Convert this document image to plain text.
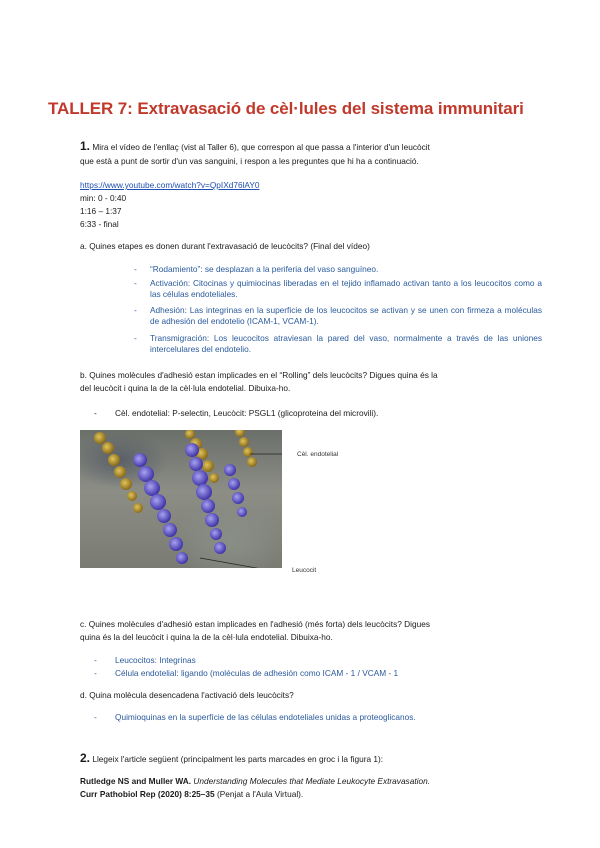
TALLER 7: Extravasació de cèl·lules del sistema immunitari
1. Mira el vídeo de l'enllaç (vist al Taller 6), que correspon al que passa a l'interior d'un leucòcit
que està a punt de sortir d'un vas sanguini, i respon a les preguntes que hi ha a continuació.
https://www.youtube.com/watch?v=QpIXd76lAY0
min: 0 - 0:40
1:16 – 1:37
6:33 - final
a. Quines etapes es donen durant l'extravasació de leucòcits? (Final del vídeo)
- “Rodamiento”: se desplazan a la periferia del vaso sanguíneo.
- Activación: Citocinas y quimiocinas liberadas en el tejido inflamado activan tanto a los leucocitos como a las células endoteliales.
- Adhesión: Las integrinas en la superficie de los leucocitos se activan y se unen con firmeza a moléculas de adhesión del endotelio (ICAM-1, VCAM-1).
- Transmigración: Los leucocitos atraviesan la pared del vaso, normalmente a través de las uniones intercelulares del endotelio.
b. Quines molècules d'adhesió estan implicades en el “Rolling” dels leucòcits? Digues quina és la
del leucòcit i quina la de la cèl·lula endotelial. Dibuixa-ho.
- Cèl. endotelial: P-selectin, Leucòcit: PSGL1 (glicoproteina del microvili).
Cèl. endotelial
Leucocit
c. Quines molècules d'adhesió estan implicades en l'adhesió (més forta) dels leucòcits? Digues
quina és la del leucòcit i quina la de la cèl·lula endotelial. Dibuixa-ho.
- Leucocitos: Integrinas
- Célula endotelial: ligando (moléculas de adhesión como ICAM - 1 / VCAM - 1
d. Quina molècula desencadena l'activació dels leucòcits?
- Quimioquinas en la superfície de las células endoteliales unidas a proteoglicanos.
2. Llegeix l'article següent (principalment les parts marcades en groc i la figura 1):
Rutledge NS and Muller WA. Understanding Molecules that Mediate Leukocyte Extravasation.
Curr Pathobiol Rep (2020) 8:25–35 (Penjat a l'Aula Virtual).
